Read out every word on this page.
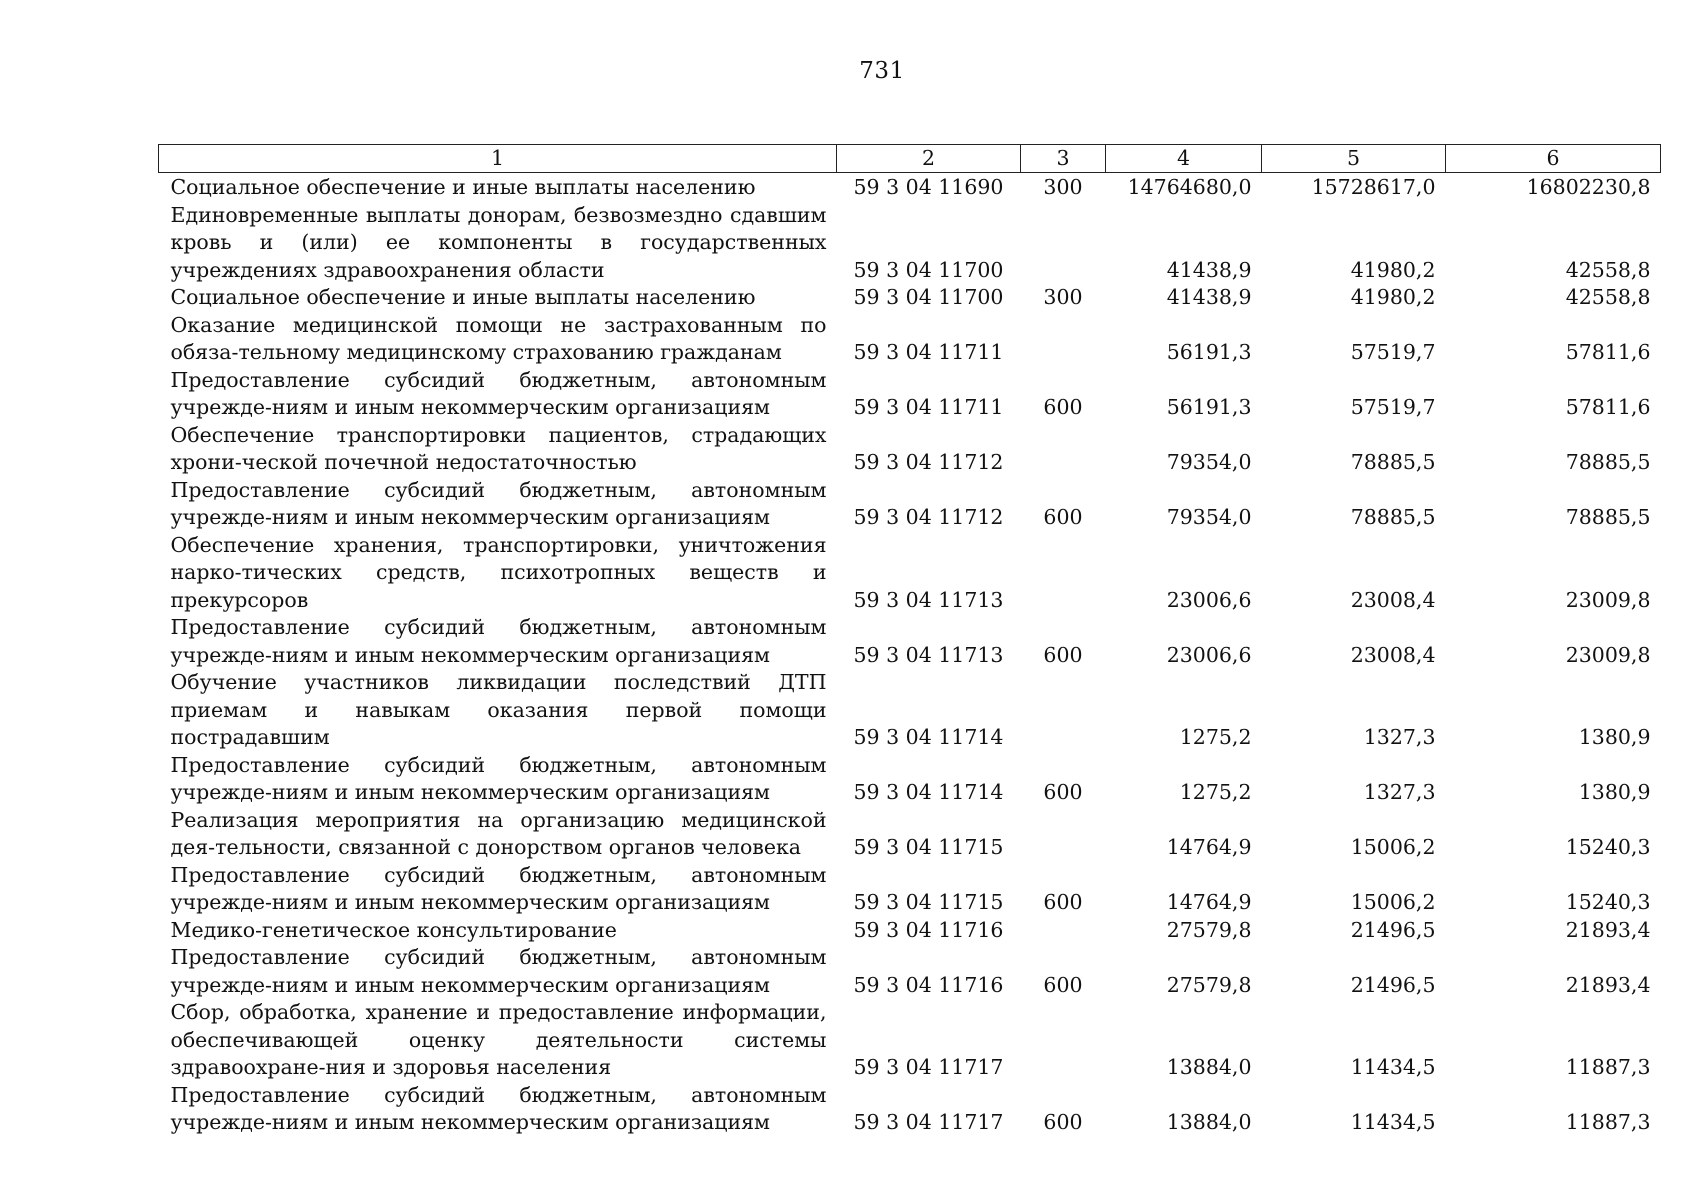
731
1	2	3	4	5	6
Социальное обеспечение и иные выплаты населению	59 3 04 11690	300	14764680,0	15728617,0	16802230,8
Единовременные выплаты донорам, безвозмездно сдавшим кровь и (или) ее компоненты в государственных учреждениях здравоохранения области	59 3 04 11700		41438,9	41980,2	42558,8
Социальное обеспечение и иные выплаты населению	59 3 04 11700	300	41438,9	41980,2	42558,8
Оказание медицинской помощи не застрахованным по обяза-тельному медицинскому страхованию гражданам	59 3 04 11711		56191,3	57519,7	57811,6
Предоставление субсидий бюджетным, автономным учрежде-ниям и иным некоммерческим организациям	59 3 04 11711	600	56191,3	57519,7	57811,6
Обеспечение транспортировки пациентов, страдающих хрони-ческой почечной недостаточностью	59 3 04 11712		79354,0	78885,5	78885,5
Предоставление субсидий бюджетным, автономным учрежде-ниям и иным некоммерческим организациям	59 3 04 11712	600	79354,0	78885,5	78885,5
Обеспечение хранения, транспортировки, уничтожения нарко-тических средств, психотропных веществ и прекурсоров	59 3 04 11713		23006,6	23008,4	23009,8
Предоставление субсидий бюджетным, автономным учрежде-ниям и иным некоммерческим организациям	59 3 04 11713	600	23006,6	23008,4	23009,8
Обучение участников ликвидации последствий ДТП приемам и навыкам оказания первой помощи пострадавшим	59 3 04 11714		1275,2	1327,3	1380,9
Предоставление субсидий бюджетным, автономным учрежде-ниям и иным некоммерческим организациям	59 3 04 11714	600	1275,2	1327,3	1380,9
Реализация мероприятия на организацию медицинской дея-тельности, связанной с донорством органов человека	59 3 04 11715		14764,9	15006,2	15240,3
Предоставление субсидий бюджетным, автономным учрежде-ниям и иным некоммерческим организациям	59 3 04 11715	600	14764,9	15006,2	15240,3
Медико-генетическое консультирование	59 3 04 11716		27579,8	21496,5	21893,4
Предоставление субсидий бюджетным, автономным учрежде-ниям и иным некоммерческим организациям	59 3 04 11716	600	27579,8	21496,5	21893,4
Сбор, обработка, хранение и предоставление информации, обеспечивающей оценку деятельности системы здравоохране-ния и здоровья населения	59 3 04 11717		13884,0	11434,5	11887,3
Предоставление субсидий бюджетным, автономным учрежде-ниям и иным некоммерческим организациям	59 3 04 11717	600	13884,0	11434,5	11887,3
